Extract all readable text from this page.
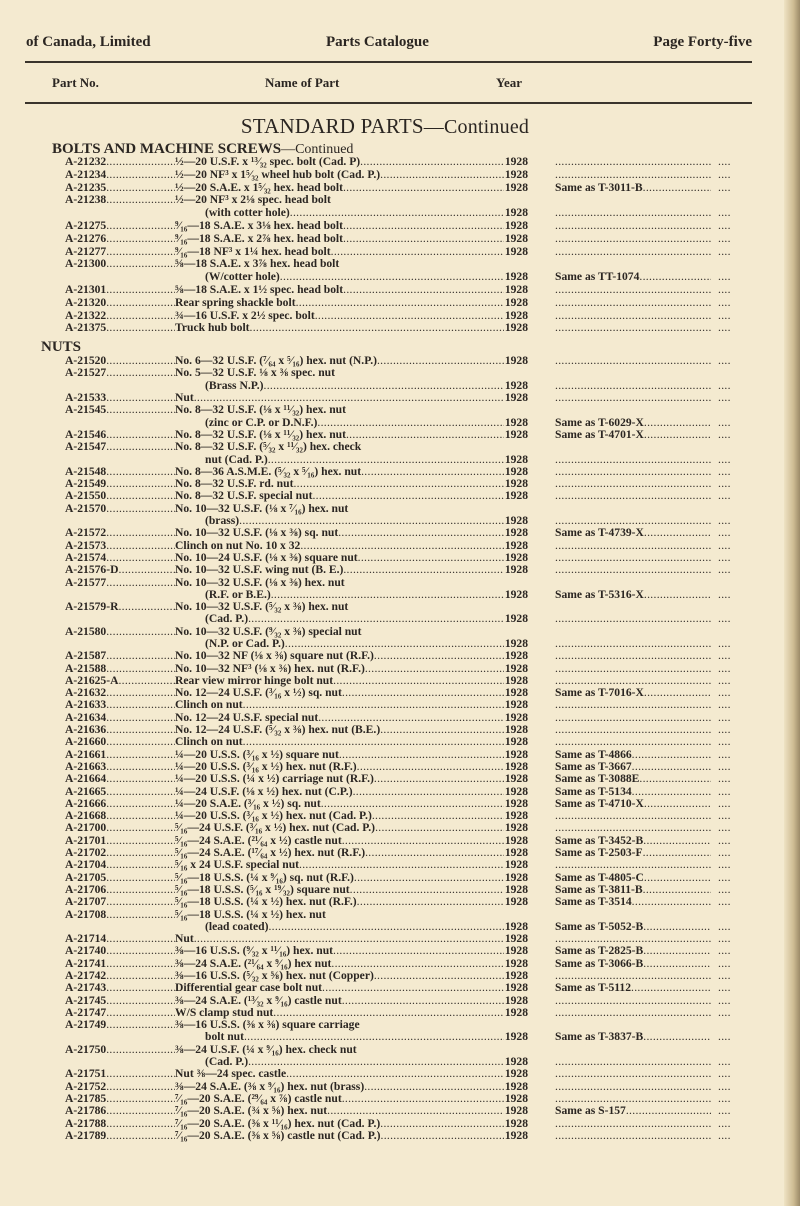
of Canada, Limited	Parts Catalogue	Page Forty-five
Part No.	Name of Part	Year
STANDARD PARTS—Continued
BOLTS AND MACHINE SCREWS—Continued
A-21232 .....	½—20 U.S.F. x ¹³⁄₃₂ spec. bolt (Cad. P) .....	1928 .....	....
A-21234 .....	½—20 NF³ x 1⁵⁄₃₂ wheel hub bolt (Cad. P.) .....	1928 .....	....
A-21235 .....	½—20 S.A.E. x 1⁵⁄₃₂ hex. head bolt .....	1928 Same as T-3011-B .....	....
A-21238 .....	½—20 NF³ x 2⅛ spec. head bolt
(with cotter hole) .....	1928 .....	....
A-21275 .....	⁹⁄₁₆—18 S.A.E. x 3⅛ hex. head bolt .....	1928 .....	....
A-21276 .....	⁹⁄₁₆—18 S.A.E. x 2⅞ hex. head bolt .....	1928 .....	....
A-21277 .....	⁹⁄₁₆—18 NF³ x 1¼ hex. head bolt .....	1928 .....	....
A-21300 .....	⅝—18 S.A.E. x 3⅞ hex. head bolt
(W/cotter hole) .....	1928 Same as TT-1074 .....	....
A-21301 .....	⅝—18 S.A.E. x 1½ spec. head bolt .....	1928 .....	....
A-21320 .....	Rear spring shackle bolt .....	1928 .....	....
A-21322 .....	¾—16 U.S.F. x 2½ spec. bolt .....	1928 .....	....
A-21375 .....	Truck hub bolt .....	1928 .....	....
NUTS
A-21520 .....	No. 6—32 U.S.F. (⁷⁄₆₄ x ⁵⁄₁₆) hex. nut (N.P.) .....	1928 .....	....
A-21527 .....	No. 5—32 U.S.F. ⅛ x ⅜ spec. nut
(Brass N.P.) .....	1928 .....	....
A-21533 .....	Nut .....	1928 .....	....
A-21545 .....	No. 8—32 U.S.F. (⅛ x ¹¹⁄₃₂) hex. nut
(zinc or C.P. or D.N.F.) .....	1928 Same as T-6029-X .....	....
A-21546 .....	No. 8—32 U.S.F. (⅛ x ¹¹⁄₃₂) hex. nut .....	1928 Same as T-4701-X .....	....
A-21547 .....	No. 8—32 U.S.F. (⁵⁄₃₂ x ¹¹⁄₃₂) hex. check
nut (Cad. P.) .....	1928 .....	....
A-21548 .....	No. 8—36 A.S.M.E. (⁵⁄₃₂ x ⁵⁄₁₆) hex. nut .....	1928 .....	....
A-21549 .....	No. 8—32 U.S.F. rd. nut .....	1928 .....	....
A-21550 .....	No. 8—32 U.S.F. special nut .....	1928 .....	....
A-21570 .....	No. 10—32 U.S.F. (⅛ x ⁷⁄₁₆) hex. nut
(brass) .....	1928 .....	....
A-21572 .....	No. 10—32 U.S.F. (⅛ x ⅜) sq. nut .....	1928 Same as T-4739-X .....	....
A-21573 .....	Clinch on nut No. 10 x 32 .....	1928 .....	....
A-21574 .....	No. 10—24 U.S.F. (⅛ x ⅜) square nut .....	1928 .....	....
A-21576-D .....	No. 10—32 U.S.F. wing nut (B. E.) .....	1928 .....	....
A-21577 .....	No. 10—32 U.S.F. (⅛ x ⅜) hex. nut
(R.F. or B.E.) .....	1928 Same as T-5316-X .....	....
A-21579-R .....	No. 10—32 U.S.F. (⁵⁄₃₂ x ⅜) hex. nut
(Cad. P.) .....	1928 .....	....
A-21580 .....	No. 10—32 U.S.F. (⁹⁄₃₂ x ⅜) special nut
(N.P. or Cad. P.) .....	1928 .....	....
A-21587 .....	No. 10—32 NF (⅛ x ⅜) square nut (R.F.) .....	1928 .....	....
A-21588 .....	No. 10—32 NF³ (⅛ x ⅜) hex. nut (R.F.) .....	1928 .....	....
A-21625-A .....	Rear view mirror hinge bolt nut .....	1928 .....	....
A-21632 .....	No. 12—24 U.S.F. (³⁄₁₆ x ½) sq. nut .....	1928 Same as T-7016-X .....	....
A-21633 .....	Clinch on nut .....	1928 .....	....
A-21634 .....	No. 12—24 U.S.F. special nut .....	1928 .....	....
A-21636 .....	No. 12—24 U.S.F. (⁵⁄₃₂ x ⅜) hex. nut (B.E.) .....	1928 .....	....
A-21660 .....	Clinch on nut .....	1928 .....	....
A-21661 .....	¼—20 U.S.S. (³⁄₁₆ x ½) square nut .....	1928 Same as T-4866 .....	....
A-21663 .....	¼—20 U.S.S. (³⁄₁₆ x ½) hex. nut (R.F.) .....	1928 Same as T-3667 .....	....
A-21664 .....	¼—20 U.S.S. (¼ x ½) carriage nut (R.F.) .....	1928 Same as T-3088E .....	....
A-21665 .....	¼—24 U.S.F. (⅛ x ½) hex. nut (C.P.) .....	1928 Same as T-5134 .....	....
A-21666 .....	¼—20 S.A.E. (³⁄₁₆ x ½) sq. nut .....	1928 Same as T-4710-X .....	....
A-21668 .....	¼—20 U.S.S. (³⁄₁₆ x ½) hex. nut (Cad. P.) .....	1928 .....	....
A-21700 .....	⁵⁄₁₆—24 U.S.F. (³⁄₁₆ x ½) hex. nut (Cad. P.) .....	1928 .....	....
A-21701 .....	⁵⁄₁₆—24 S.A.E. (²¹⁄₆₄ x ½) castle nut .....	1928 Same as T-3452-B .....	....
A-21702 .....	⁵⁄₁₆—24 S.A.E. (¹⁷⁄₆₄ x ½) hex. nut (R.F.) .....	1928 Same as T-2503-F .....	....
A-21704 .....	⁵⁄₁₆ x 24 U.S.F. special nut .....	1928 .....	....
A-21705 .....	⁵⁄₁₆—18 U.S.S. (¼ x ⁹⁄₁₆) sq. nut (R.F.) .....	1928 Same as T-4805-C .....	....
A-21706 .....	⁵⁄₁₆—18 U.S.S. (⁵⁄₁₆ x ¹⁹⁄₃₂) square nut .....	1928 Same as T-3811-B .....	....
A-21707 .....	⁵⁄₁₆—18 U.S.S. (¼ x ½) hex. nut (R.F.) .....	1928 Same as T-3514 .....	....
A-21708 .....	⁵⁄₁₆—18 U.S.S. (¼ x ½) hex. nut
(lead coated) .....	1928 Same as T-5052-B .....	....
A-21714 .....	Nut .....	1928 .....	....
A-21740 .....	⅜—16 U.S.S. (⁹⁄₃₂ x ¹¹⁄₁₆) hex. nut .....	1928 Same as T-2825-B .....	....
A-21741 .....	⅜—24 S.A.E. (²¹⁄₆₄ x ⁹⁄₁₆) hex nut .....	1928 Same as T-3066-B .....	....
A-21742 .....	⅜—16 U.S.S. (⁵⁄₃₂ x ⅝) hex. nut (Copper) .....	1928 .....	....
A-21743 .....	Differential gear case bolt nut .....	1928 Same as T-5112 .....	....
A-21745 .....	⅜—24 S.A.E. (¹³⁄₃₂ x ⁹⁄₁₆) castle nut .....	1928 .....	....
A-21747 .....	W/S clamp stud nut .....	1928 .....	....
A-21749 .....	⅜—16 U.S.S. (⅜ x ⅜) square carriage
bolt nut .....	1928 Same as T-3837-B .....	....
A-21750 .....	⅜—24 U.S.F. (¼ x ⁹⁄₁₆) hex. check nut
(Cad. P.) .....	1928 .....	....
A-21751 .....	Nut ⅜—24 spec. castle .....	1928 .....	....
A-21752 .....	⅜—24 S.A.E. (⅜ x ⁹⁄₁₆) hex. nut (brass) .....	1928 .....	....
A-21785 .....	⁷⁄₁₆—20 S.A.E. (²⁹⁄₆₄ x ⅞) castle nut .....	1928 .....	....
A-21786 .....	⁷⁄₁₆—20 S.A.E. (¾ x ⅝) hex. nut .....	1928 Same as S-157 .....	....
A-21788 .....	⁷⁄₁₆—20 S.A.E. (⅜ x ¹¹⁄₁₆) hex. nut (Cad. P.) .....	1928 .....	....
A-21789 .....	⁷⁄₁₆—20 S.A.E. (⅜ x ⅝) castle nut (Cad. P.) .....	1928 .....	....
